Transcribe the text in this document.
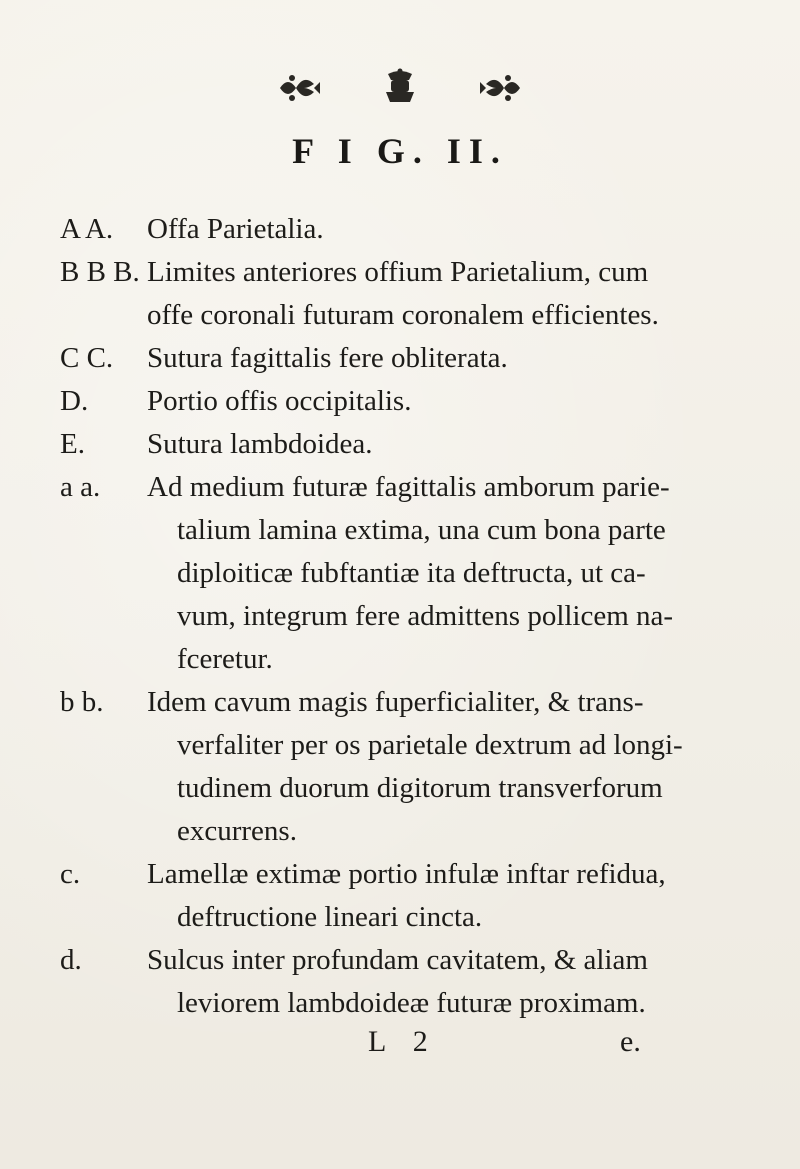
F I G. II.
A A.	Offa Parietalia.
B B B. Limites anteriores offium Parietalium, cum
offe coronali futuram coronalem efficientes.
C C.	Sutura fagittalis fere obliterata.
D.	Portio offis occipitalis.
E.	Sutura lambdoidea.
a a.	Ad medium futuræ fagittalis amborum parie-
talium lamina extima, una cum bona parte
diploiticæ fubftantiæ ita deftructa, ut ca-
vum, integrum fere admittens pollicem na-
fceretur.
b b.	Idem cavum magis fuperficialiter, & trans-
verfaliter per os parietale dextrum ad longi-
tudinem duorum digitorum transverforum
excurrens.
c.	Lamellæ extimæ portio infulæ inftar refidua,
deftructione lineari cincta.
d.	Sulcus inter profundam cavitatem, & aliam
leviorem lambdoideæ futuræ proximam.
L 2	e.
